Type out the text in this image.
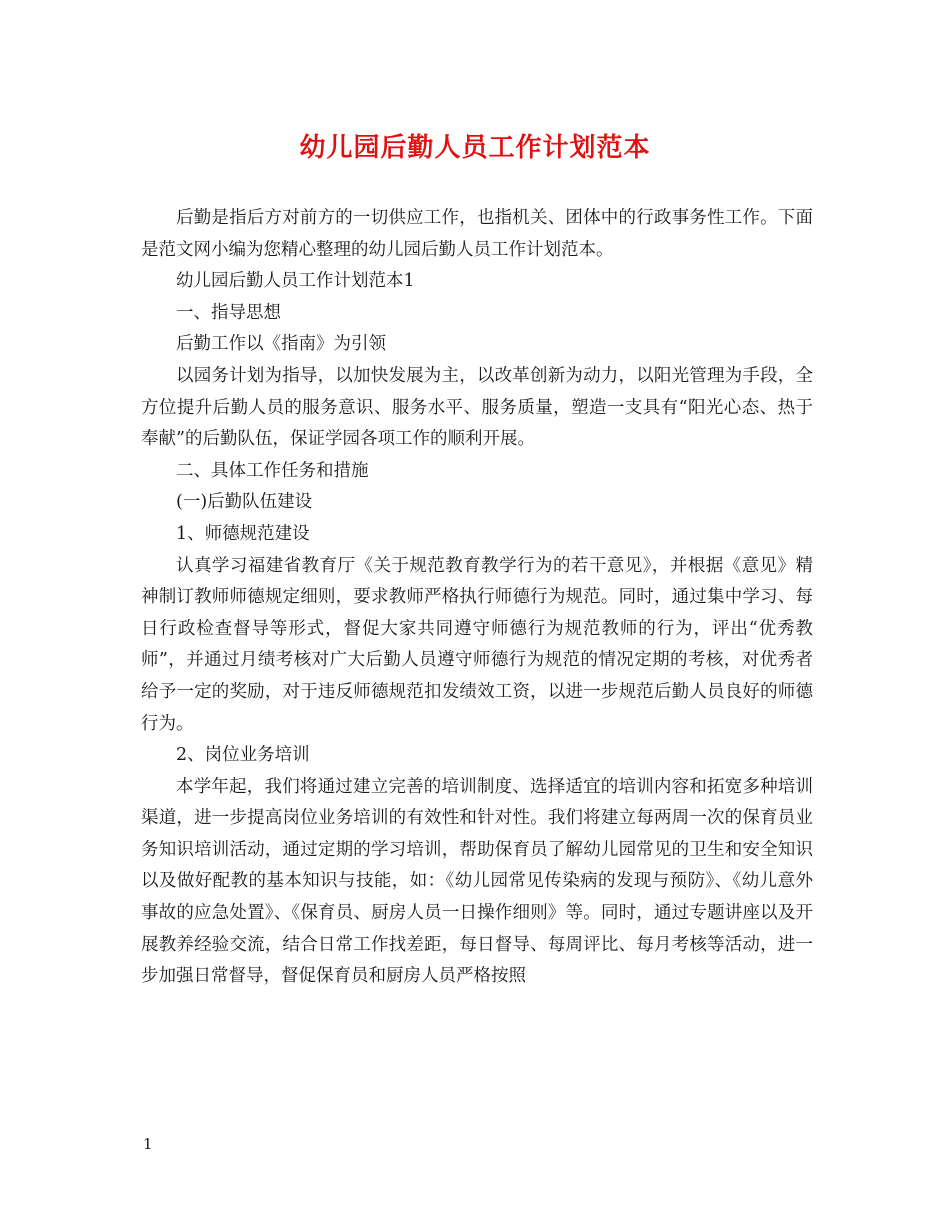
幼儿园后勤人员工作计划范本

后勤是指后方对前方的一切供应工作，也指机关、团体中的行政事务性工作。下面是范文网小编为您精心整理的幼儿园后勤人员工作计划范本。

幼儿园后勤人员工作计划范本1

一、指导思想

后勤工作以《指南》为引领

以园务计划为指导，以加快发展为主，以改革创新为动力，以阳光管理为手段，全方位提升后勤人员的服务意识、服务水平、服务质量，塑造一支具有“阳光心态、热于奉献”的后勤队伍，保证学园各项工作的顺利开展。

二、具体工作任务和措施

(一)后勤队伍建设

1、师德规范建设

认真学习福建省教育厅《关于规范教育教学行为的若干意见》，并根据《意见》精神制订教师师德规定细则，要求教师严格执行师德行为规范。同时，通过集中学习、每日行政检查督导等形式，督促大家共同遵守师德行为规范教师的行为，评出“优秀教师”，并通过月绩考核对广大后勤人员遵守师德行为规范的情况定期的考核，对优秀者给予一定的奖励，对于违反师德规范扣发绩效工资，以进一步规范后勤人员良好的师德行为。

2、岗位业务培训

本学年起，我们将通过建立完善的培训制度、选择适宜的培训内容和拓宽多种培训渠道，进一步提高岗位业务培训的有效性和针对性。我们将建立每两周一次的保育员业务知识培训活动，通过定期的学习培训，帮助保育员了解幼儿园常见的卫生和安全知识以及做好配教的基本知识与技能，如：《幼儿园常见传染病的发现与预防》、《幼儿意外事故的应急处置》、《保育员、厨房人员一日操作细则》等。同时，通过专题讲座以及开展教养经验交流，结合日常工作找差距，每日督导、每周评比、每月考核等活动，进一步加强日常督导，督促保育员和厨房人员严格按照

1
